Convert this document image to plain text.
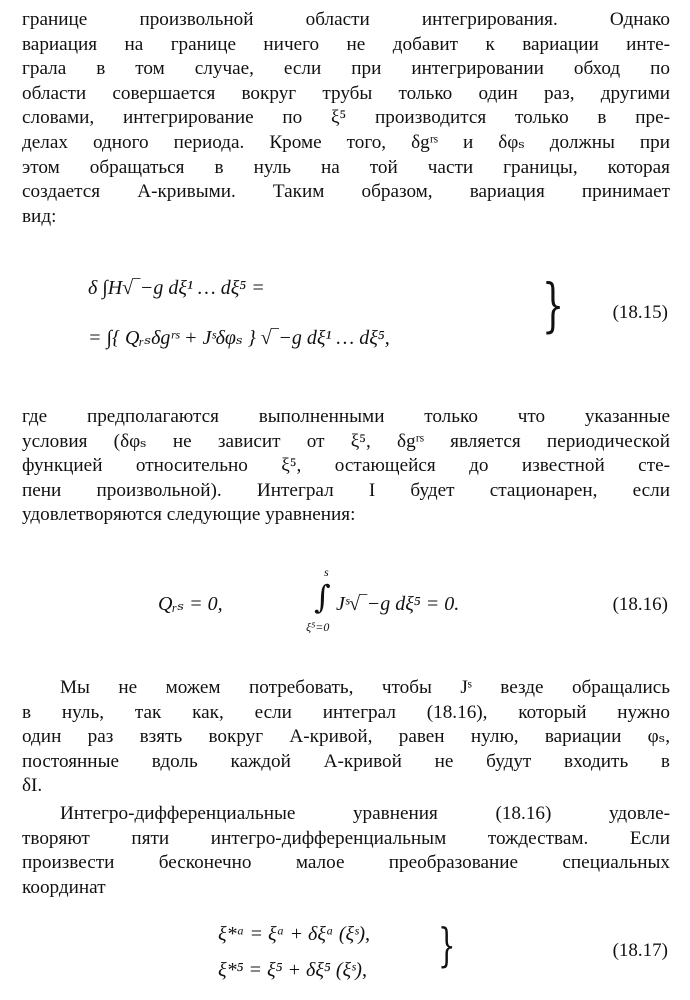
границе произвольной области интегрирования. Однако
вариация на границе ничего не добавит к вариации инте-
грала в том случае, если при интегрировании обход по
области совершается вокруг трубы только один раз, другими
словами, интегрирование по ξ⁵ производится только в пре-
делах одного периода. Кроме того, δgʳˢ и δφₛ должны при
этом обращаться в нуль на той части границы, которая
создается A-кривыми. Таким образом, вариация принимает
вид:
δ ∫H√‾−g dξ¹ … dξ⁵ =
= ∫{ Qᵣₛδgʳˢ + Jˢδφₛ } √‾−g dξ¹ … dξ⁵,	}	(18.15)
где предполагаются выполненными только что указанные
условия (δφₛ не зависит от ξ⁵, δgʳˢ является периодической
функцией относительно ξ⁵, остающейся до известной сте-
пени произвольной). Интеграл I будет стационарен, если
удовлетворяются следующие уравнения:
Qᵣₛ = 0,	∫
s
ξ⁵=0
Jˢ√‾−g dξ⁵ = 0.	(18.16)
Мы не можем потребовать, чтобы Jˢ везде обращались
в нуль, так как, если интеграл (18.16), который нужно
один раз взять вокруг A-кривой, равен нулю, вариации φₛ,
постоянные вдоль каждой A-кривой не будут входить в
δI.
Интегро-дифференциальные уравнения (18.16) удовле-
творяют пяти интегро-дифференциальным тождествам. Если
произвести бесконечно малое преобразование специальных
координат
ξ*ᵃ = ξᵃ + δξᵃ (ξˢ),
ξ*⁵ = ξ⁵ + δξ⁵ (ξˢ), }	(18.17)
